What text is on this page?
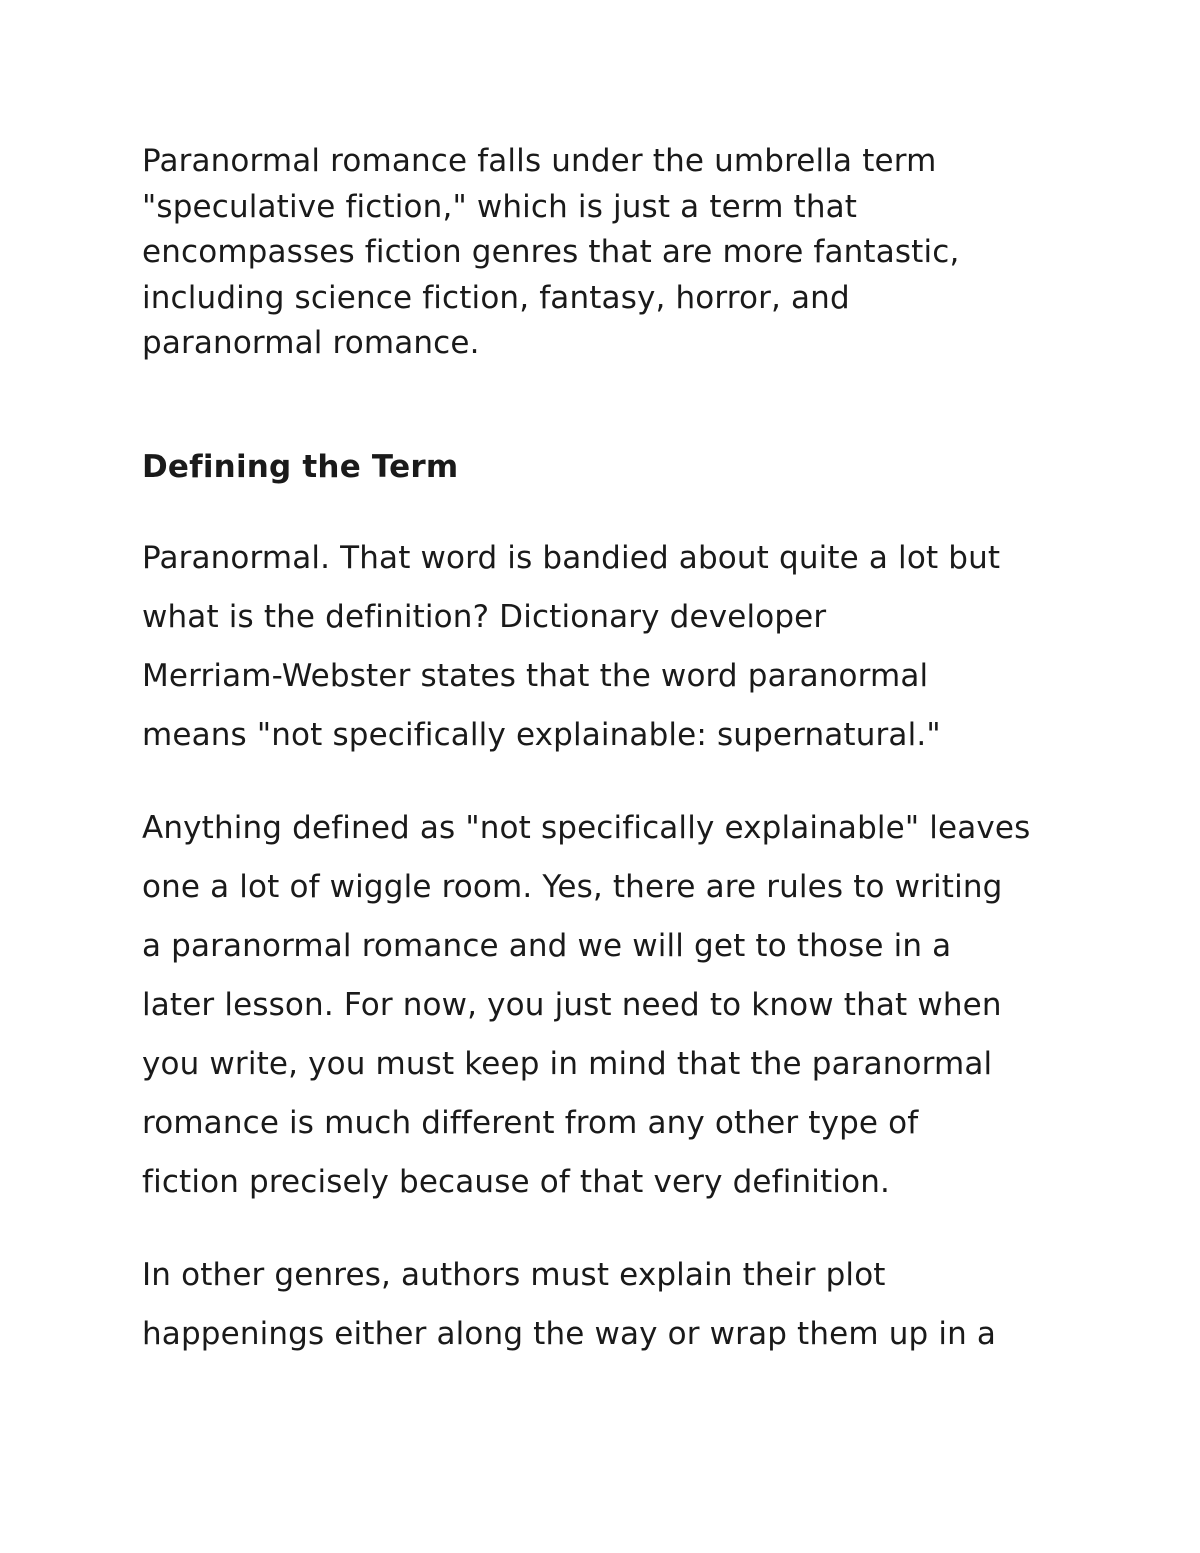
Paranormal romance falls under the umbrella term
"speculative fiction," which is just a term that
encompasses fiction genres that are more fantastic,
including science fiction, fantasy, horror, and
paranormal romance.

Defining the Term

Paranormal. That word is bandied about quite a lot but
what is the definition? Dictionary developer
Merriam-Webster states that the word paranormal
means "not specifically explainable: supernatural."

Anything defined as "not specifically explainable" leaves
one a lot of wiggle room. Yes, there are rules to writing
a paranormal romance and we will get to those in a
later lesson. For now, you just need to know that when
you write, you must keep in mind that the paranormal
romance is much different from any other type of
fiction precisely because of that very definition.

In other genres, authors must explain their plot
happenings either along the way or wrap them up in a
